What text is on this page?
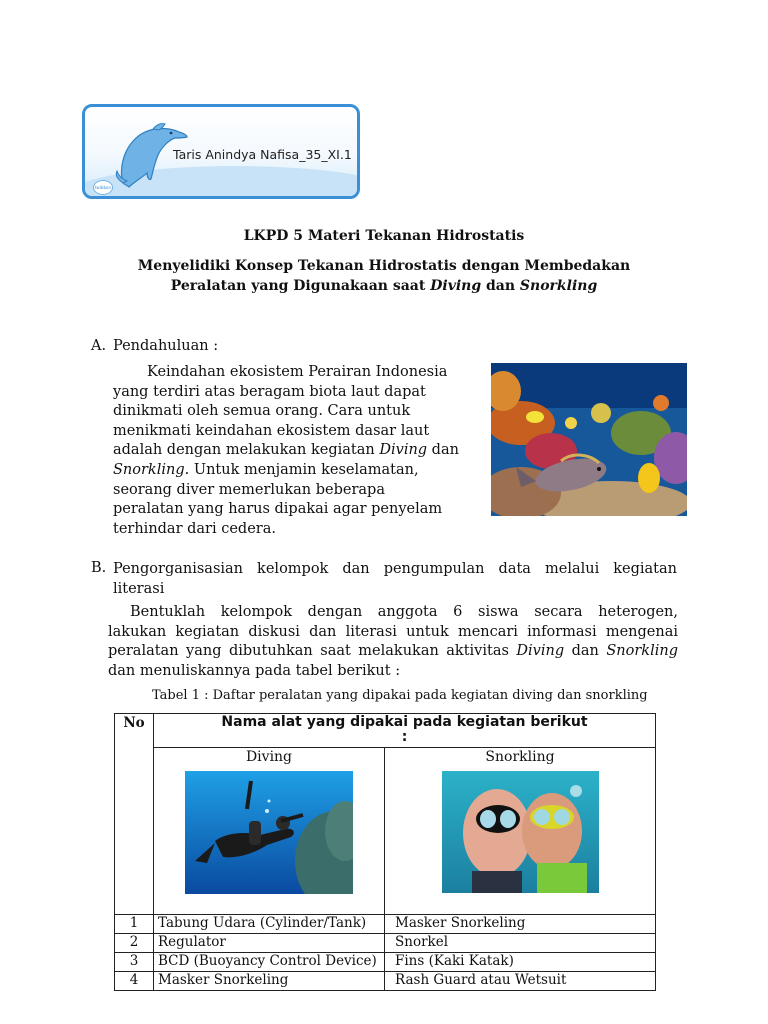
Taris Anindya Nafisa_35_XI.1
twibbon
LKPD 5 Materi Tekanan Hidrostatis
Menyelidiki Konsep Tekanan Hidrostatis dengan Membedakan
Peralatan yang Digunakaan saat Diving dan Snorkling
A. Pendahuluan :
Keindahan ekosistem Perairan Indonesia
yang terdiri atas beragam biota laut dapat
dinikmati oleh semua orang. Cara untuk
menikmati keindahan ekosistem dasar laut
adalah dengan melakukan kegiatan Diving dan
Snorkling. Untuk menjamin keselamatan,
seorang diver memerlukan beberapa
peralatan yang harus dipakai agar penyelam
terhindar dari cedera.
B. Pengorganisasian kelompok dan pengumpulan data melalui kegiatan
literasi
Bentuklah kelompok dengan anggota 6 siswa secara heterogen,
lakukan kegiatan diskusi dan literasi untuk mencari informasi mengenai
peralatan yang dibutuhkan saat melakukan aktivitas Diving dan Snorkling
dan menuliskannya pada tabel berikut :
Tabel 1 : Daftar peralatan yang dipakai pada kegiatan diving dan snorkling
No	Nama alat yang dipakai pada kegiatan berikut
:	

	Diving	Snorkling

1	Tabung Udara (Cylinder/Tank)	Masker Snorkeling
2	Regulator	Snorkel
3	BCD (Buoyancy Control Device)	Fins (Kaki Katak)
4	Masker Snorkeling	Rash Guard atau Wetsuit
